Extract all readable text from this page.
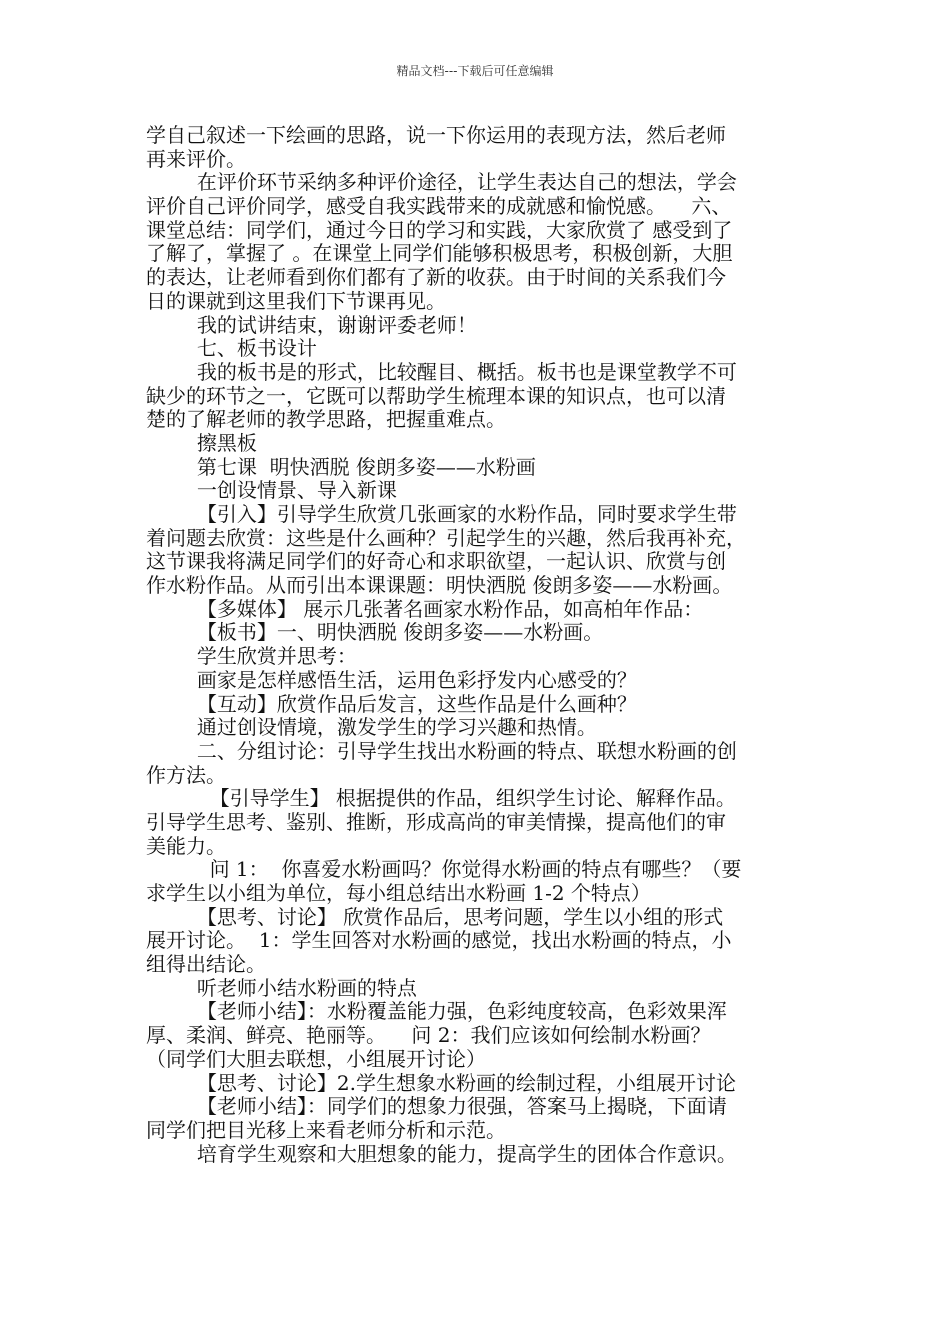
精品文档---下载后可任意编辑
学自己叙述一下绘画的思路，说一下你运用的表现方法，然后老师
再来评价。
在评价环节采纳多种评价途径，让学生表达自己的想法，学会
评价自己评价同学，感受自我实践带来的成就感和愉悦感。    六、
课堂总结：同学们，通过今日的学习和实践，大家欣赏了 感受到了
了解了，掌握了 。在课堂上同学们能够积极思考，积极创新，大胆
的表达，让老师看到你们都有了新的收获。由于时间的关系我们今
日的课就到这里我们下节课再见。
我的试讲结束，谢谢评委老师！
七、板书设计
我的板书是的形式，比较醒目、概括。板书也是课堂教学不可
缺少的环节之一，它既可以帮助学生梳理本课的知识点，也可以清
楚的了解老师的教学思路，把握重难点。
擦黑板
第七课  明快洒脱 俊朗多姿——水粉画
一创设情景、导入新课
【引入】引导学生欣赏几张画家的水粉作品，同时要求学生带
着问题去欣赏：这些是什么画种？引起学生的兴趣，然后我再补充，
这节课我将满足同学们的好奇心和求职欲望，一起认识、欣赏与创
作水粉作品。从而引出本课课题：明快洒脱 俊朗多姿——水粉画。
【多媒体】 展示几张著名画家水粉作品，如高柏年作品：
【板书】一、明快洒脱 俊朗多姿——水粉画。
学生欣赏并思考：
画家是怎样感悟生活，运用色彩抒发内心感受的？
【互动】欣赏作品后发言，这些作品是什么画种？
通过创设情境，激发学生的学习兴趣和热情。
二、分组讨论：引导学生找出水粉画的特点、联想水粉画的创
作方法。
【引导学生】 根据提供的作品，组织学生讨论、解释作品。
引导学生思考、鉴别、推断，形成高尚的审美情操，提高他们的审
美能力。
问 1：  你喜爱水粉画吗？你觉得水粉画的特点有哪些？（要
求学生以小组为单位，每小组总结出水粉画 1-2 个特点）
【思考、讨论】 欣赏作品后，思考问题，学生以小组的形式
展开讨论。  1：学生回答对水粉画的感觉，找出水粉画的特点，小
组得出结论。
听老师小结水粉画的特点
【老师小结】：水粉覆盖能力强，色彩纯度较高，色彩效果浑
厚、柔润、鲜亮、艳丽等。    问 2：我们应该如何绘制水粉画？
（同学们大胆去联想，小组展开讨论）
【思考、讨论】2.学生想象水粉画的绘制过程，小组展开讨论
【老师小结】：同学们的想象力很强，答案马上揭晓，下面请
同学们把目光移上来看老师分析和示范。
培育学生观察和大胆想象的能力，提高学生的团体合作意识。
